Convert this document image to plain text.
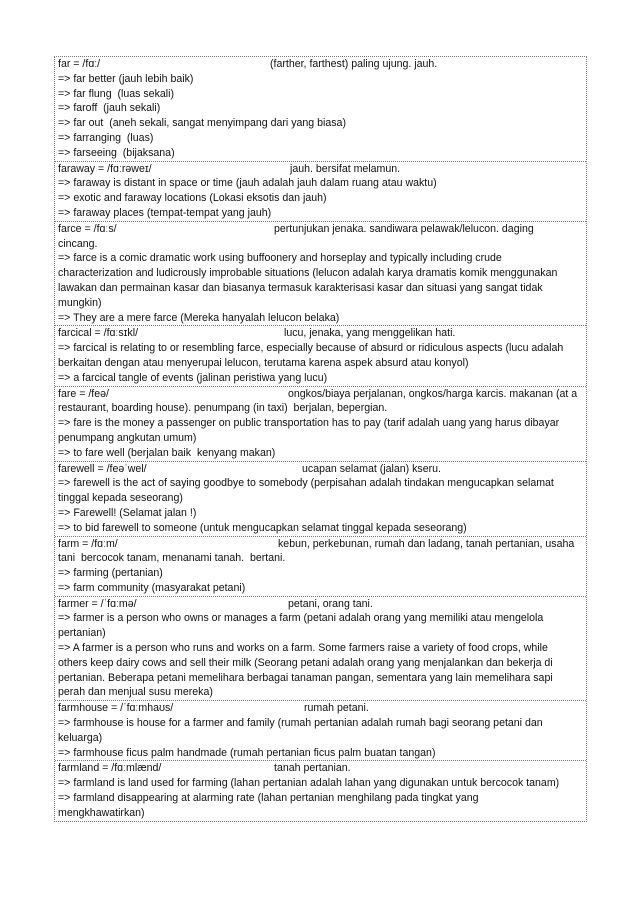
far = /fɑː/	(farther, farthest) paling ujung. jauh.
=> far better (jauh lebih baik)
=> far flung  (luas sekali)
=> faroff  (jauh sekali)
=> far out  (aneh sekali, sangat menyimpang dari yang biasa)
=> farranging  (luas)
=> farseeing  (bijaksana)
faraway = /fɑːrəweɪ/	jauh. bersifat melamun.
=> faraway is distant in space or time (jauh adalah jauh dalam ruang atau waktu)
=> exotic and faraway locations (Lokasi eksotis dan jauh)
=> faraway places (tempat-tempat yang jauh)
farce = /fɑːs/	pertunjukan jenaka. sandiwara pelawak/lelucon. daging
cincang.
=> farce is a comic dramatic work using buffoonery and horseplay and typically including crude
characterization and ludicrously improbable situations (lelucon adalah karya dramatis komik menggunakan
lawakan dan permainan kasar dan biasanya termasuk karakterisasi kasar dan situasi yang sangat tidak
mungkin)
=> They are a mere farce (Mereka hanyalah lelucon belaka)
farcical = /fɑːsɪkl/	lucu, jenaka, yang menggelikan hati.
=> farcical is relating to or resembling farce, especially because of absurd or ridiculous aspects (lucu adalah
berkaitan dengan atau menyerupai lelucon, terutama karena aspek absurd atau konyol)
=> a farcical tangle of events (jalinan peristiwa yang lucu)
fare = /feə/	ongkos/biaya perjalanan, ongkos/harga karcis. makanan (at a
restaurant, boarding house). penumpang (in taxi)  berjalan, bepergian.
=> fare is the money a passenger on public transportation has to pay (tarif adalah uang yang harus dibayar
penumpang angkutan umum)
=> to fare well (berjalan baik  kenyang makan)
farewell = /feəˈwel/	ucapan selamat (jalan) kseru.
=> farewell is the act of saying goodbye to somebody (perpisahan adalah tindakan mengucapkan selamat
tinggal kepada seseorang)
=> Farewell! (Selamat jalan !)
=> to bid farewell to someone (untuk mengucapkan selamat tinggal kepada seseorang)
farm = /fɑːm/	kebun, perkebunan, rumah dan ladang, tanah pertanian, usaha
tani  bercocok tanam, menanami tanah.  bertani.
=> farming (pertanian)
=> farm community (masyarakat petani)
farmer = /ˈfɑːmə/	petani, orang tani.
=> farmer is a person who owns or manages a farm (petani adalah orang yang memiliki atau mengelola
pertanian)
=> A farmer is a person who runs and works on a farm. Some farmers raise a variety of food crops, while
others keep dairy cows and sell their milk (Seorang petani adalah orang yang menjalankan dan bekerja di
pertanian. Beberapa petani memelihara berbagai tanaman pangan, sementara yang lain memelihara sapi
perah dan menjual susu mereka)
farmhouse = /ˈfɑːmhaʊs/	rumah petani.
=> farmhouse is house for a farmer and family (rumah pertanian adalah rumah bagi seorang petani dan
keluarga)
=> farmhouse ficus palm handmade (rumah pertanian ficus palm buatan tangan)
farmland = /fɑːmlænd/	tanah pertanian.
=> farmland is land used for farming (lahan pertanian adalah lahan yang digunakan untuk bercocok tanam)
=> farmland disappearing at alarming rate (lahan pertanian menghilang pada tingkat yang
mengkhawatirkan)
